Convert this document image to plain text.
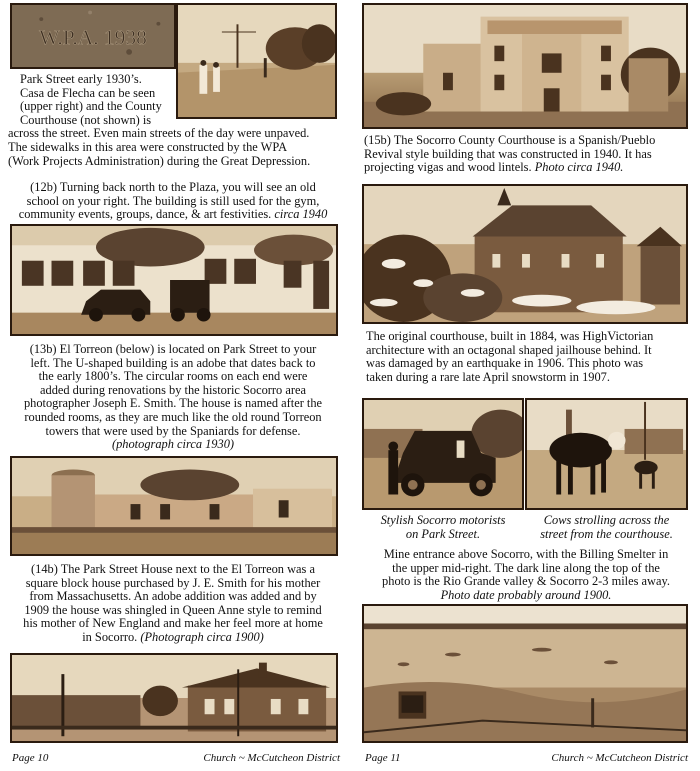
W.P.A. 1938
Park Street early 1930’s.
Casa de Flecha can be seen
(upper right) and the County
Courthouse (not shown) is
across the street. Even main streets of the day were unpaved.
The sidewalks in this area were constructed by the WPA
(Work Projects Administration) during the Great Depression.
(12b) Turning back north to the Plaza, you will see an old
school on your right. The building is still used for the gym,
community events, groups, dance, & art festivities. circa 1940
(13b) El Torreon (below) is located on Park Street to your
left. The U-shaped building is an adobe that dates back to
the early 1800’s. The circular rooms on each end were
added during renovations by the historic Socorro area
photographer Joseph E. Smith. The house is named after the
rounded rooms, as they are much like the old round Torreon
towers that were used by the Spaniards for defense.
(photograph circa 1930)
(14b) The Park Street House next to the El Torreon was a
square block house purchased by J. E. Smith for his mother
from Massachusetts. An adobe addition was added and by
1909 the house was shingled in Queen Anne style to remind
his mother of New England and make her feel more at home
in Socorro. (Photograph circa 1900)
(15b) The Socorro County Courthouse is a Spanish/Pueblo
Revival style building that was constructed in 1940. It has
projecting vigas and wood lintels. Photo circa 1940.
The original courthouse, built in 1884, was HighVictorian
architecture with an octagonal shaped jailhouse behind. It
was damaged by an earthquake in 1906. This photo was
taken during a rare late April snowstorm in 1907.
Stylish Socorro motorists
on Park Street.
Cows strolling across the
street from the courthouse.
Mine entrance above Socorro, with the Billing Smelter in
the upper mid-right. The dark line along the top of the
photo is the Rio Grande valley & Socorro 2-3 miles away.
Photo date probably around 1900.
Page 10	Church ~ McCutcheon District Page 11	Church ~ McCutcheon District
